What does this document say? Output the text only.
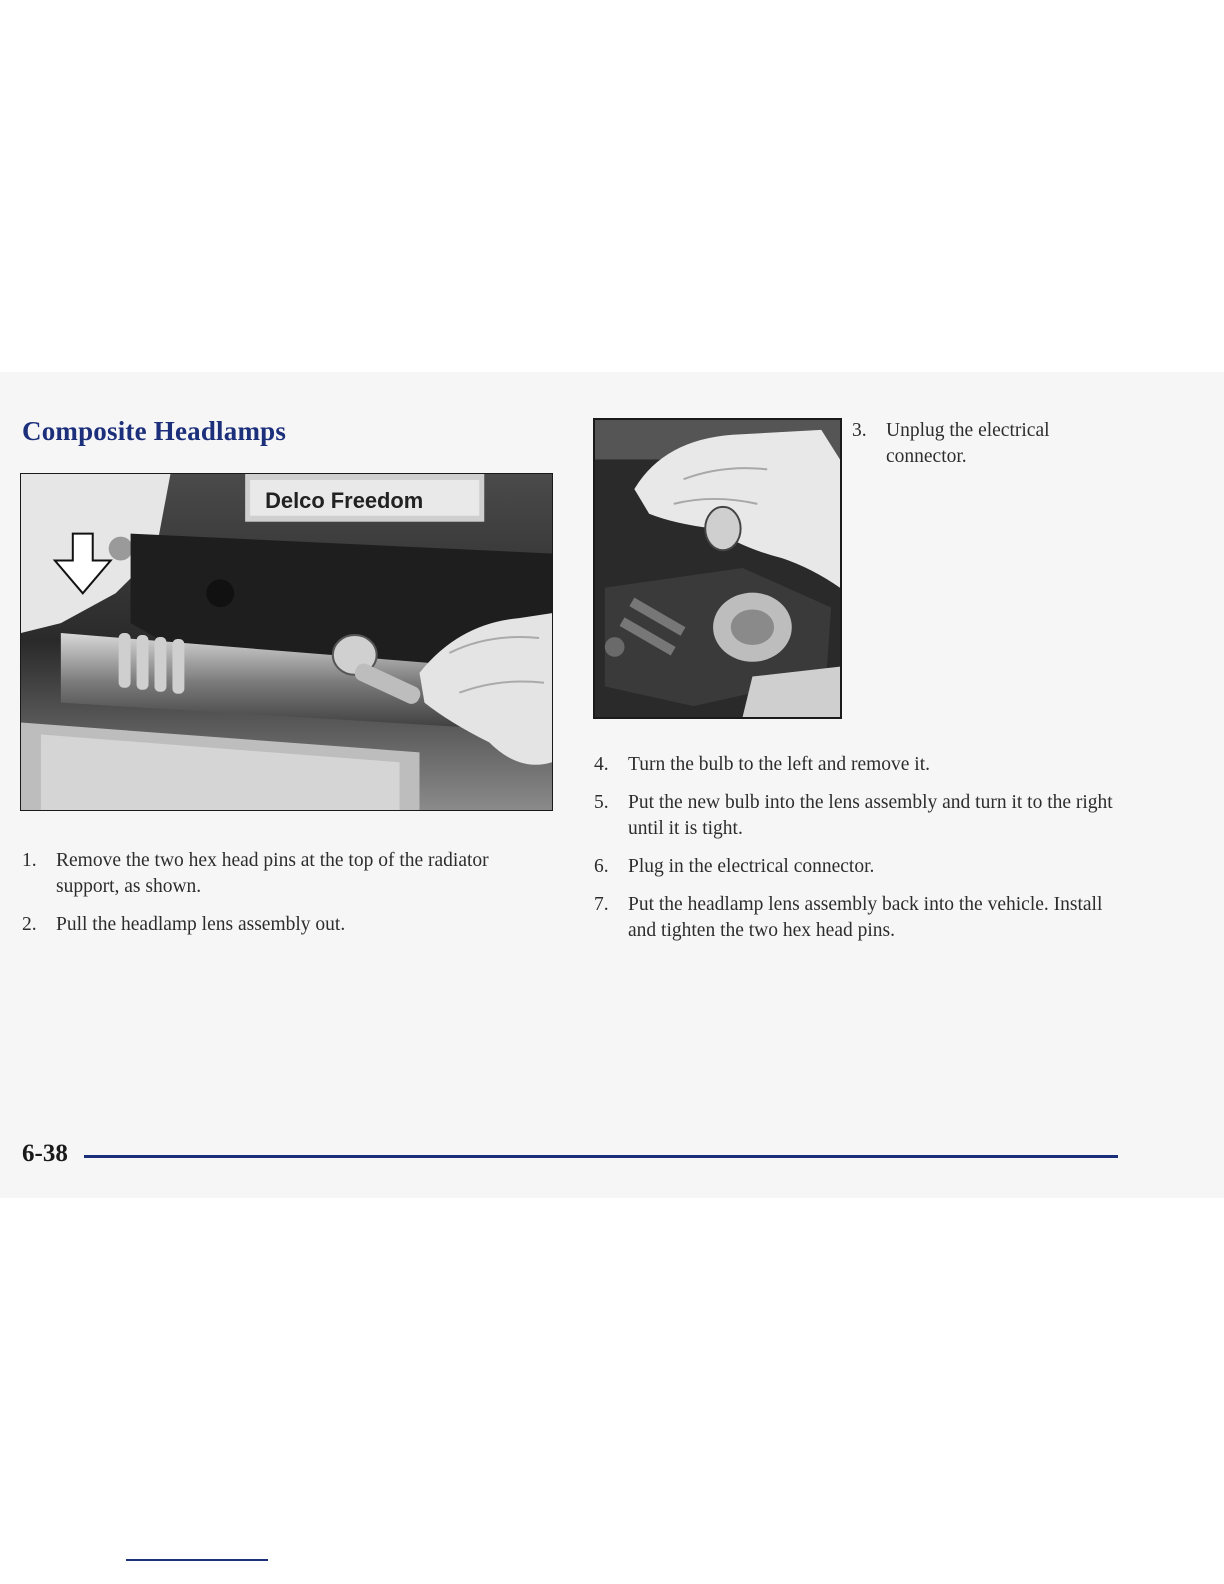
Composite Headlamps
Delco Freedom
1. Remove the two hex head pins at the top of the radiator support, as shown.
2. Pull the headlamp lens assembly out.
3. Unplug the electrical connector.
4. Turn the bulb to the left and remove it.
5. Put the new bulb into the lens assembly and turn it to the right until it is tight.
6. Plug in the electrical connector.
7. Put the headlamp lens assembly back into the vehicle. Install and tighten the two hex head pins.
6-38
